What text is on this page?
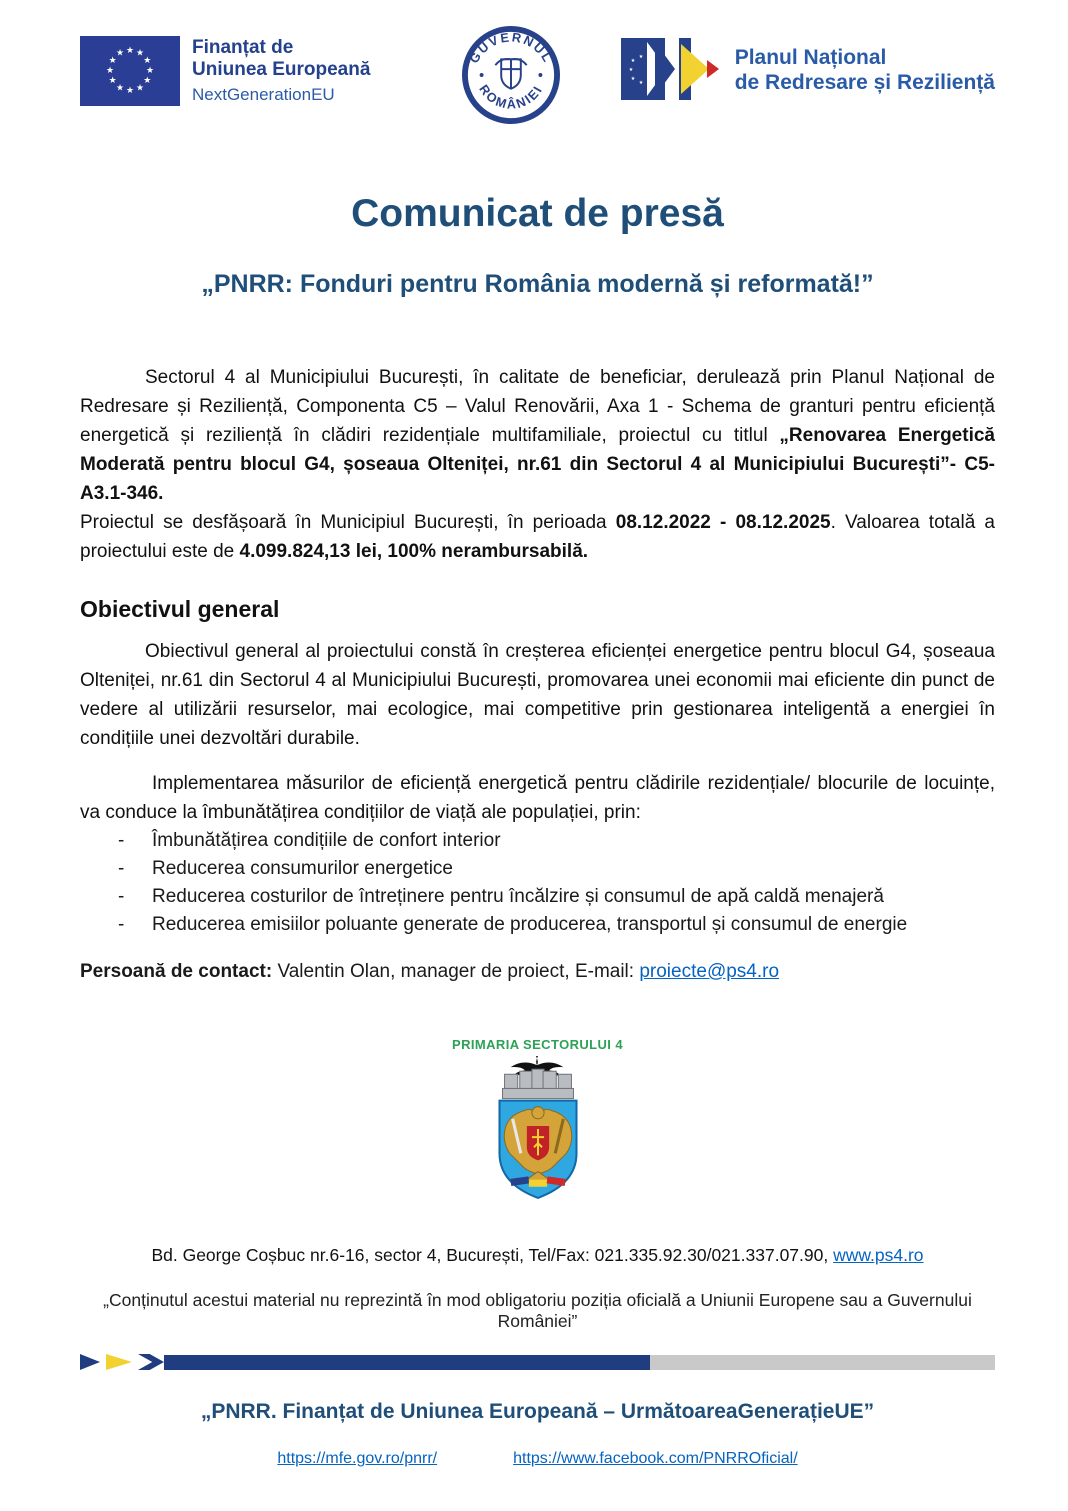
★ ★
★
★
★
★
★
★
★
★
★
★	Finanțat de
Uniunea Europeană
NextGenerationEU
GUVERNUL
ROMÂNIEI
★
★
★
★
★	Planul Național
de Redresare și Reziliență
Comunicat de presă
„PNRR: Fonduri pentru România modernă și reformată!”

Sectorul 4 al Municipiului București, în calitate de beneficiar, derulează prin Planul Național de Redresare și Reziliență, Componenta C5 – Valul Renovării, Axa 1 - Schema de granturi pentru eficiență energetică și reziliență în clădiri rezidențiale multifamiliale, proiectul cu titlul „Renovarea Energetică Moderată pentru blocul G4, șoseaua Olteniței, nr.61 din Sectorul 4 al Municipiului București”- C5-A3.1-346.

Proiectul se desfășoară în Municipiul București, în perioada 08.12.2022 - 08.12.2025. Valoarea totală a proiectului este de 4.099.824,13 lei, 100% nerambursabilă.

Obiectivul general

Obiectivul general al proiectului constă în creșterea eficienței energetice pentru blocul G4, șoseaua Olteniței, nr.61 din Sectorul 4 al Municipiului București, promovarea unei economii mai eficiente din punct de vedere al utilizării resurselor, mai ecologice, mai competitive prin gestionarea inteligentă a energiei în condițiile unei dezvoltări durabile.

Implementarea măsurilor de eficiență energetică pentru clădirile rezidențiale/ blocurile de locuințe, va conduce la îmbunătățirea condițiilor de viață ale populației, prin:

- Îmbunătățirea condițiile de confort interior
- Reducerea consumurilor energetice
- Reducerea costurilor de întreținere pentru încălzire și consumul de apă caldă menajeră
- Reducerea emisiilor poluante generate de producerea, transportul și consumul de energie

Persoană de contact: Valentin Olan, manager de proiect, E-mail: proiecte@ps4.ro

PRIMARIA SECTORULUI 4

Bd. George Coșbuc nr.6-16, sector 4, București, Tel/Fax: 021.335.92.30/021.337.07.90, www.ps4.ro

„Conținutul acestui material nu reprezintă în mod obligatoriu poziția oficială a Uniunii Europene sau a Guvernului României”

„PNRR. Finanțat de Uniunea Europeană – UrmătoareaGenerațieUE”

https://mfe.gov.ro/pnrr/	https://www.facebook.com/PNRROficial/
